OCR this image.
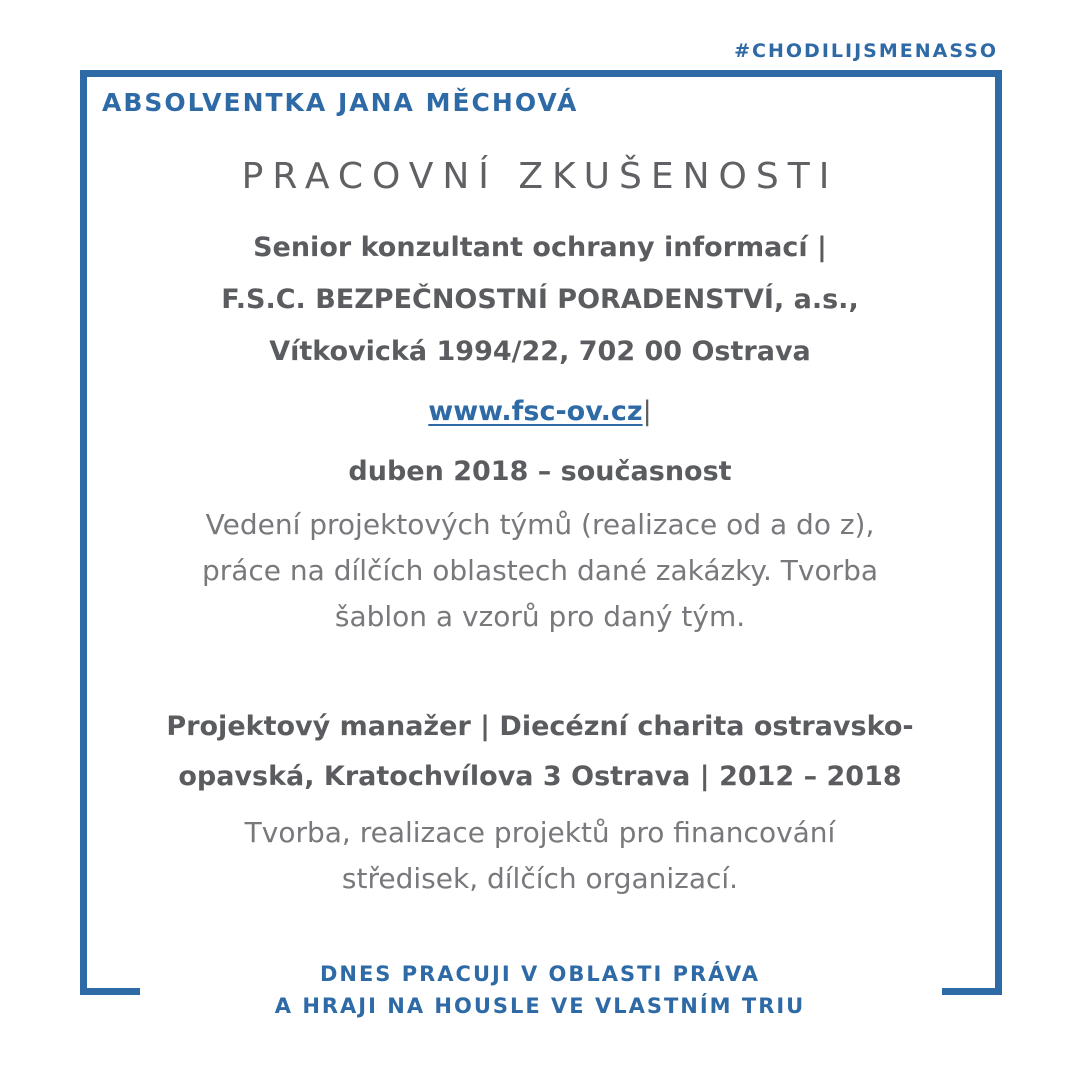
#CHODILIJSMENASSO
ABSOLVENTKA JANA MĚCHOVÁ
PRACOVNÍ ZKUŠENOSTI
Senior konzultant ochrany informací |
F.S.C. BEZPEČNOSTNÍ PORADENSTVÍ, a.s.,
Vítkovická 1994/22, 702 00 Ostrava
www.fsc-ov.cz|
duben 2018 – současnost
Vedení projektových týmů (realizace od a do z),
práce na dílčích oblastech dané zakázky. Tvorba
šablon a vzorů pro daný tým.
Projektový manažer | Diecézní charita ostravsko-
opavská, Kratochvílova 3 Ostrava | 2012 – 2018
Tvorba, realizace projektů pro financování
středisek, dílčích organizací.
DNES PRACUJI V OBLASTI PRÁVA
A HRAJI NA HOUSLE VE VLASTNÍM TRIU
